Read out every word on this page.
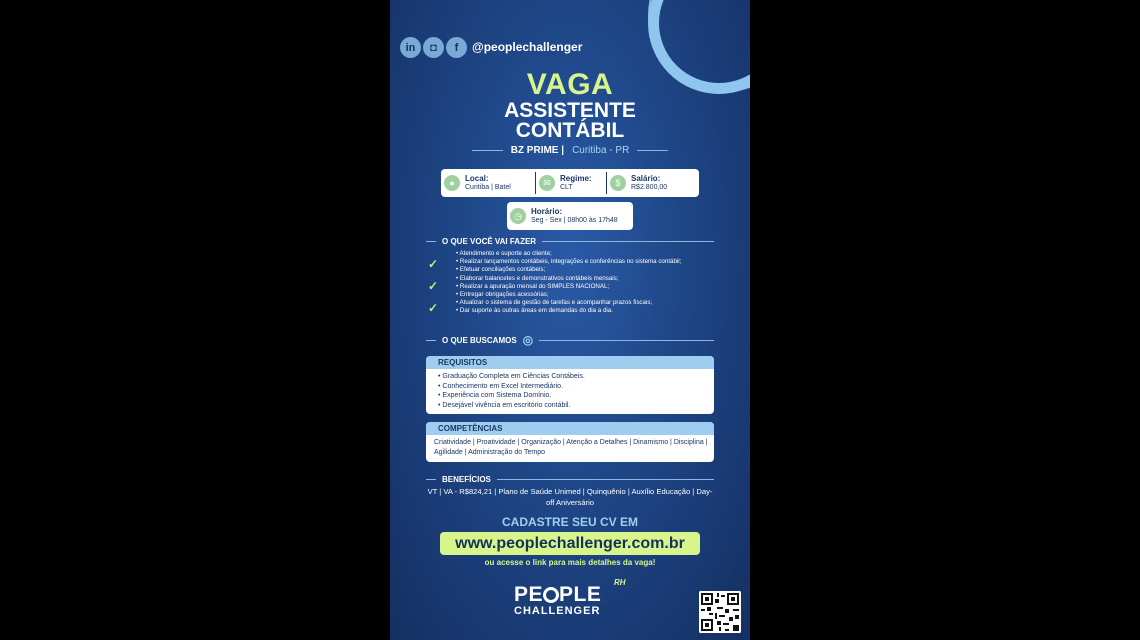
in	◘	f	@peoplechallenger
VAGA
ASSISTENTE
CONTÁBIL
BZ PRIME | Curitiba - PR
●	Local:
Curitiba | Batel	✉	Regime:
CLT	$	Salário:
R$2.800,00
◷	Horário:
Seg - Sex | 08h00 às 17h48
O QUE VOCÊ VAI FAZER
✓
✓
✓
• Atendimento e suporte ao cliente;
• Realizar lançamentos contábeis, integrações e conferências no sistema contábil;
• Efetuar conciliações contábeis;
• Elaborar balancetes e demonstrativos contábeis mensais;
• Realizar a apuração mensal do SIMPLES NACIONAL;
• Entregar obrigações acessórias;
• Atualizar o sistema de gestão de tarefas e acompanhar prazos fiscais;
• Dar suporte às outras áreas em demandas do dia a dia.
O QUE BUSCAMOS ◎
REQUISITOS
• Graduação Completa em Ciências Contábeis.
• Conhecimento em Excel Intermediário.
• Experiência com Sistema Domínio.
• Desejável vivência em escritório contábil.
COMPETÊNCIAS
Criatividade | Proatividade | Organização | Atenção a Detalhes | Dinamismo | Disciplina | Agilidade | Administração do Tempo
BENEFÍCIOS
VT | VA - R$824,21 | Plano de Saúde Unimed | Quinquênio | Auxílio Educação | Day-off Aniversário
CADASTRE SEU CV EM
www.peoplechallenger.com.br
ou acesse o link para mais detalhes da vaga!
PE PLE
RH
CHALLENGER
